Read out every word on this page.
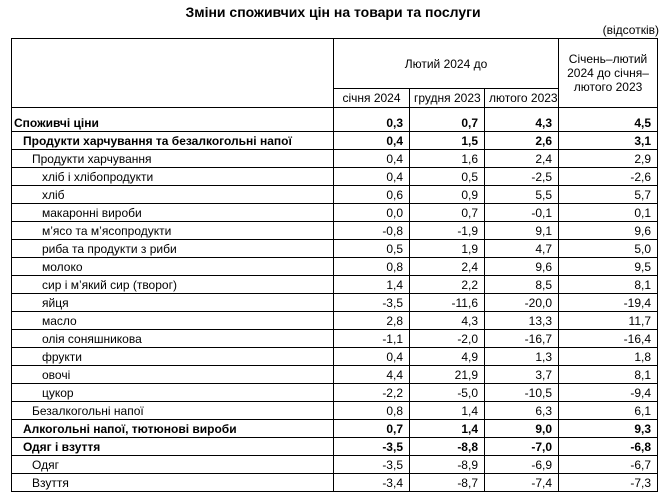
Зміни споживчих цін на товари та послуги
(відсотків)
	Лютий 2024 до			Січень–лютий 2024 до січня–лютого 2023
	січня 2024	грудня 2023	лютого 2023	

Споживчі ціни	0,3	0,7	4,3	4,5
Продукти харчування та безалкогольні напої	0,4	1,5	2,6	3,1
Продукти харчування	0,4	1,6	2,4	2,9
хліб і хлібопродукти	0,4	0,5	-2,5	-2,6
хліб	0,6	0,9	5,5	5,7
макаронні вироби	0,0	0,7	-0,1	0,1
м’ясо та м’ясопродукти	-0,8	-1,9	9,1	9,6
риба та продукти з риби	0,5	1,9	4,7	5,0
молоко	0,8	2,4	9,6	9,5
сир і м’який сир (творог)	1,4	2,2	8,5	8,1
яйця	-3,5	-11,6	-20,0	-19,4
масло	2,8	4,3	13,3	11,7
олія соняшникова	-1,1	-2,0	-16,7	-16,4
фрукти	0,4	4,9	1,3	1,8
овочі	4,4	21,9	3,7	8,1
цукор	-2,2	-5,0	-10,5	-9,4
Безалкогольні напої	0,8	1,4	6,3	6,1
Алкогольні напої, тютюнові вироби	0,7	1,4	9,0	9,3
Одяг і взуття	-3,5	-8,8	-7,0	-6,8
Одяг	-3,5	-8,9	-6,9	-6,7
Взуття	-3,4	-8,7	-7,4	-7,3
